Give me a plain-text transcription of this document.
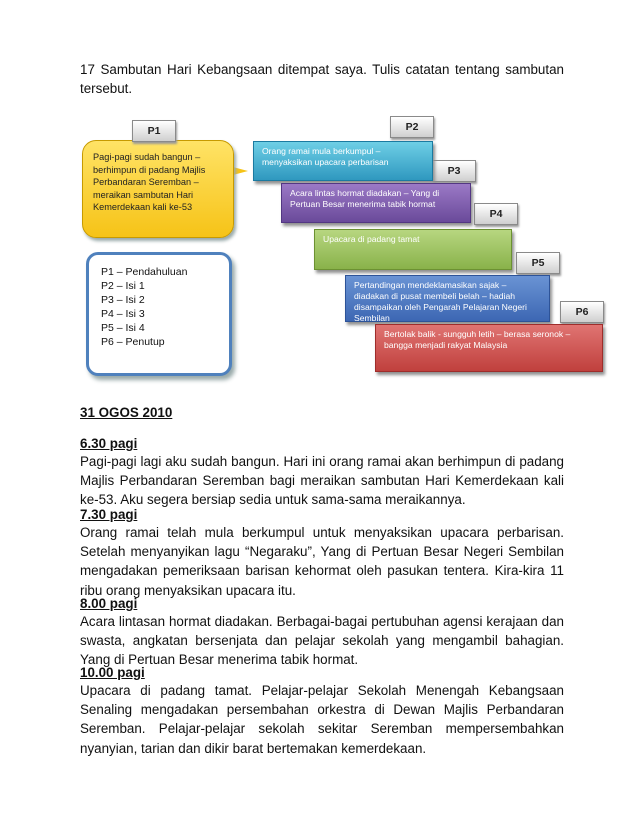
17 Sambutan Hari Kebangsaan ditempat saya. Tulis catatan tentang sambutan tersebut.
Pagi-pagi sudah bangun – berhimpun di padang Majlis Perbandaran Seremban – meraikan sambutan Hari Kemerdekaan kali ke-53
P1	P2
P3
P4
P5
P6
Orang ramai mula berkumpul – menyaksikan upacara perbarisan
Acara lintas hormat diadakan – Yang di Pertuan Besar menerima tabik hormat
Upacara di padang tamat
Pertandingan mendeklamasikan sajak –diadakan di pusat membeli belah – hadiah disampaikan oleh Pengarah Pelajaran Negeri Sembilan
Bertolak balik - sungguh letih – berasa seronok – bangga menjadi rakyat Malaysia
P1 – Pendahuluan
P2 – Isi 1
P3 – Isi 2
P4 – Isi 3
P5 – Isi 4
P6 – Penutup
31 OGOS 2010
6.30 pagi
Pagi-pagi lagi aku sudah bangun. Hari ini orang ramai akan berhimpun di padang Majlis Perbandaran Seremban bagi meraikan sambutan Hari Kemerdekaan kali ke-53. Aku segera bersiap sedia untuk sama-sama meraikannya.
7.30 pagi
Orang ramai telah mula berkumpul untuk menyaksikan upacara perbarisan. Setelah menyanyikan lagu “Negaraku”, Yang di Pertuan Besar Negeri Sembilan mengadakan pemeriksaan barisan kehormat oleh pasukan tentera. Kira-kira 11 ribu orang menyaksikan upacara itu.
8.00 pagi
Acara lintasan hormat diadakan. Berbagai-bagai pertubuhan agensi kerajaan dan swasta, angkatan bersenjata dan pelajar sekolah yang mengambil bahagian. Yang di Pertuan Besar menerima tabik hormat.
10.00 pagi
Upacara di padang tamat. Pelajar-pelajar Sekolah Menengah Kebangsaan Senaling mengadakan persembahan orkestra di Dewan Majlis Perbandaran Seremban. Pelajar-pelajar sekolah sekitar Seremban mempersembahkan nyanyian, tarian dan dikir barat bertemakan kemerdekaan.
